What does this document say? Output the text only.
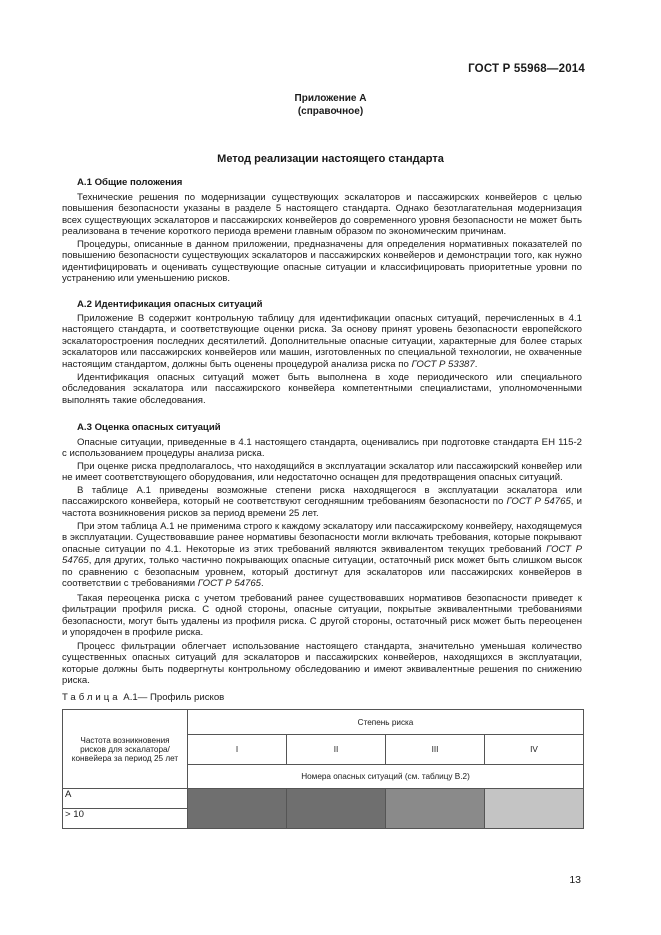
ГОСТ Р 55968—2014
Приложение А
(справочное)
Метод реализации настоящего стандарта
А.1 Общие положения

Технические решения по модернизации существующих эскалаторов и пассажирских конвейеров с целью повышения безопасности указаны в разделе 5 настоящего стандарта. Однако безотлагательная модернизация всех существующих эскалаторов и пассажирских конвейеров до современного уровня безопасности не может быть реализована в течение короткого периода времени главным образом по экономическим причинам.

Процедуры, описанные в данном приложении, предназначены для определения нормативных показателей по повышению безопасности существующих эскалаторов и пассажирских конвейеров и демонстрации того, как нужно идентифицировать и оценивать существующие опасные ситуации и классифицировать приоритетные уровни по устранению или уменьшению рисков.

А.2 Идентификация опасных ситуаций

Приложение В содержит контрольную таблицу для идентификации опасных ситуаций, перечисленных в 4.1 настоящего стандарта, и соответствующие оценки риска. За основу принят уровень безопасности европейского эскалаторостроения последних десятилетий. Дополнительные опасные ситуации, характерные для более старых эскалаторов или пассажирских конвейеров или машин, изготовленных по специальной технологии, не охваченные настоящим стандартом, должны быть оценены процедурой анализа риска по ГОСТ Р 53387.

Идентификация опасных ситуаций может быть выполнена в ходе периодического или специального обследования эскалатора или пассажирского конвейера компетентными специалистами, уполномоченными выполнять такие обследования.

А.3 Оценка опасных ситуаций

Опасные ситуации, приведенные в 4.1 настоящего стандарта, оценивались при подготовке стандарта ЕН 115-2 с использованием процедуры анализа риска.

При оценке риска предполагалось, что находящийся в эксплуатации эскалатор или пассажирский конвейер или не имеет соответствующего оборудования, или недостаточно оснащен для предотвращения опасных ситуаций.

В таблице А.1 приведены возможные степени риска находящегося в эксплуатации эскалатора или пассажирского конвейера, который не соответствуют сегодняшним требованиям безопасности по ГОСТ Р 54765, и частота возникновения рисков за период времени 25 лет.

При этом таблица А.1 не применима строго к каждому эскалатору или пассажирскому конвейеру, находящемуся в эксплуатации. Существовавшие ранее нормативы безопасности могли включать требования, которые покрывают опасные ситуации по 4.1. Некоторые из этих требований являются эквивалентом текущих требований ГОСТ Р 54765, для других, только частично покрывающих опасные ситуации, остаточный риск может быть слишком высок по сравнению с безопасным уровнем, который достигнут для эскалаторов или пассажирских конвейеров в соответствии с требованиями ГОСТ Р 54765.

Такая переоценка риска с учетом требований ранее существовавших нормативов безопасности приведет к фильтрации профиля риска. С одной стороны, опасные ситуации, покрытые эквивалентными требованиями безопасности, могут быть удалены из профиля риска. С другой стороны, остаточный риск может быть переоценен и упорядочен в профиле риска.

Процесс фильтрации облегчает использование настоящего стандарта, значительно уменьшая количество существенных опасных ситуаций для эскалаторов и пассажирских конвейеров, находящихся в эксплуатации, которые должны быть подвергнуты контрольному обследованию и имеют эквивалентные решения по снижению риска.

Таблица А.1— Профиль рисков
Частота возникновения рисков для эскалатора/конвейера за период 25 лет	Степень риска			
	I	II	III	IV
	Номера опасных ситуаций (см. таблицу В.2)			
А				
> 10				
13
